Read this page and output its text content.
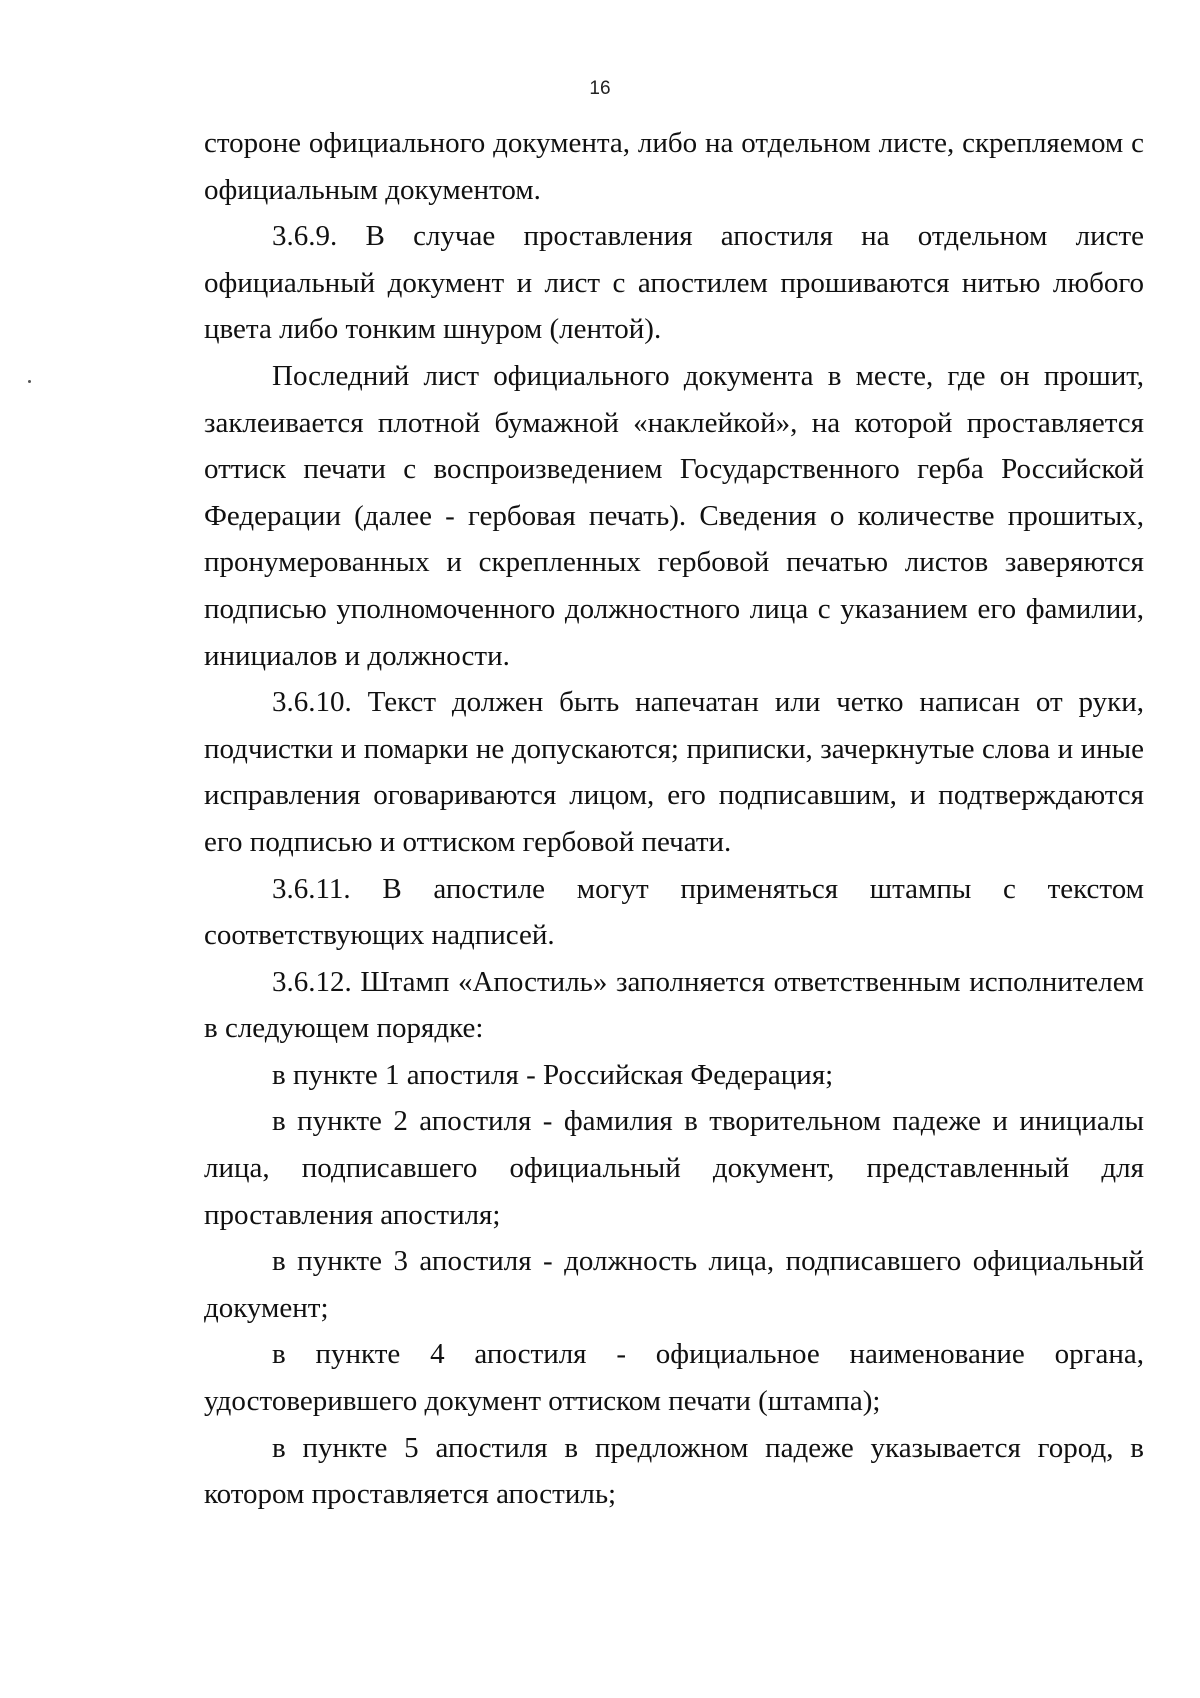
16

стороне официального документа, либо на отдельном листе, скрепляемом с официальным документом.

3.6.9. В случае проставления апостиля на отдельном листе официальный документ и лист с апостилем прошиваются нитью любого цвета либо тонким шнуром (лентой).

Последний лист официального документа в месте, где он прошит, заклеивается плотной бумажной «наклейкой», на которой проставляется оттиск печати с воспроизведением Государственного герба Российской Федерации (далее - гербовая печать). Сведения о количестве прошитых, пронумерованных и скрепленных гербовой печатью листов заверяются подписью уполномоченного должностного лица с указанием его фамилии, инициалов и должности.

3.6.10. Текст должен быть напечатан или четко написан от руки, подчистки и помарки не допускаются; приписки, зачеркнутые слова и иные исправления оговариваются лицом, его подписавшим, и подтверждаются его подписью и оттиском гербовой печати.

3.6.11. В апостиле могут применяться штампы с текстом соответствующих надписей.

3.6.12. Штамп «Апостиль» заполняется ответственным исполнителем в следующем порядке:

в пункте 1 апостиля - Российская Федерация;

в пункте 2 апостиля - фамилия в творительном падеже и инициалы лица, подписавшего официальный документ, представленный для проставления апостиля;

в пункте 3 апостиля - должность лица, подписавшего официальный документ;

в пункте 4 апостиля - официальное наименование органа, удостоверившего документ оттиском печати (штампа);

в пункте 5 апостиля в предложном падеже указывается город, в котором проставляется апостиль;
